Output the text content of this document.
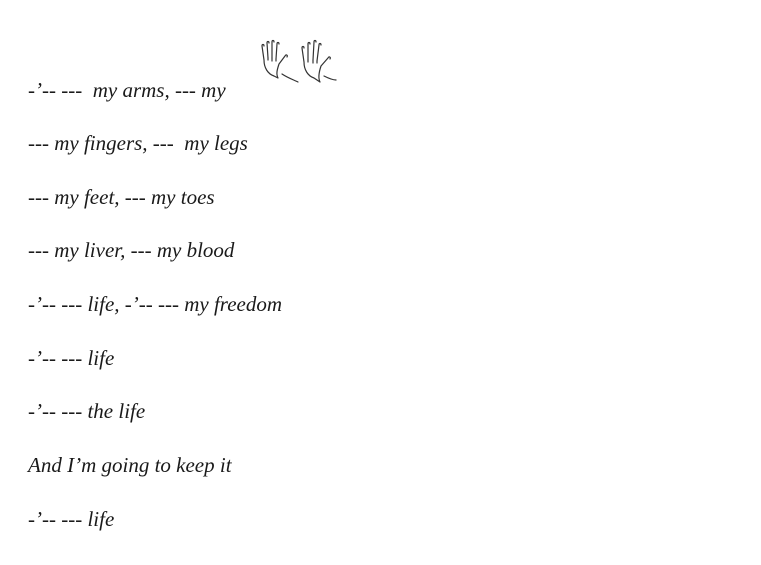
-’-- ---  my arms, --- my
--- my fingers, ---  my legs
--- my feet, --- my toes
--- my liver, --- my blood
-’-- --- life, -’-- --- my freedom
-’-- --- life
-’-- --- the life
And I’m going to keep it
-’-- --- life
